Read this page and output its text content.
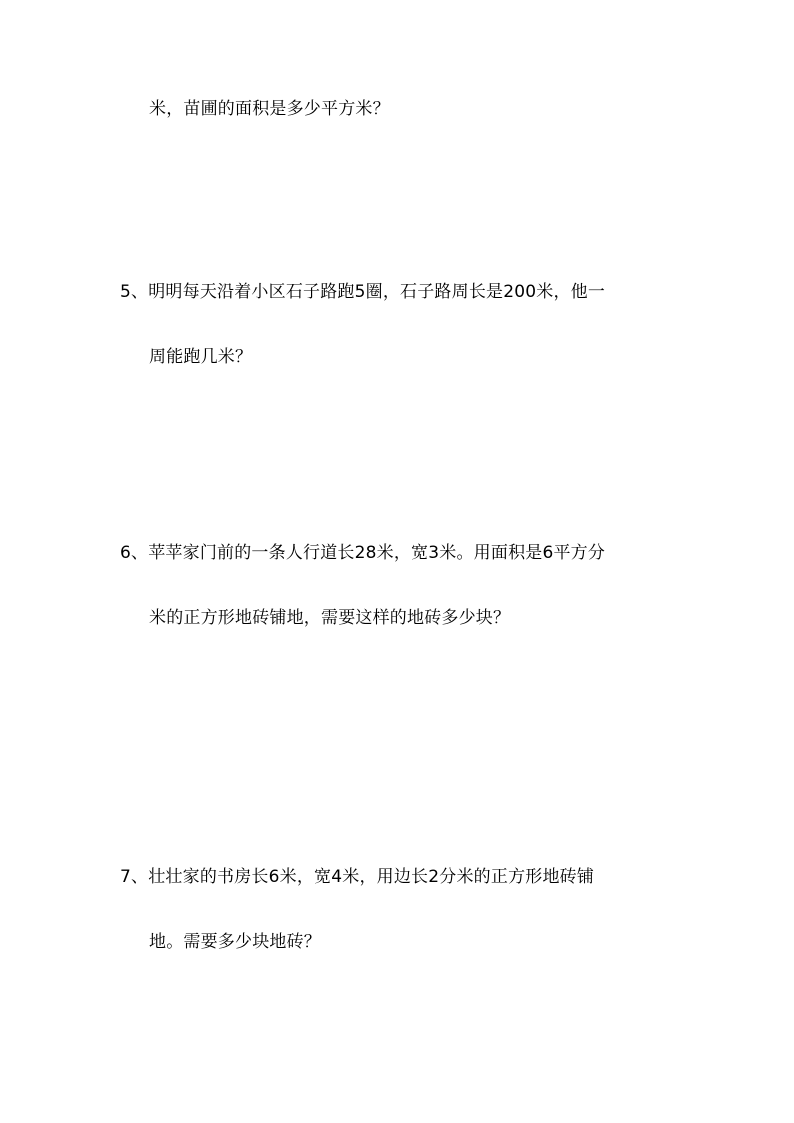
米，苗圃的面积是多少平方米？
5、明明每天沿着小区石子路跑5圈，石子路周长是200米，他一
周能跑几米？
6、苹苹家门前的一条人行道长28米，宽3米。用面积是6平方分
米的正方形地砖铺地，需要这样的地砖多少块？
7、壮壮家的书房长6米，宽4米，用边长2分米的正方形地砖铺
地。需要多少块地砖？
